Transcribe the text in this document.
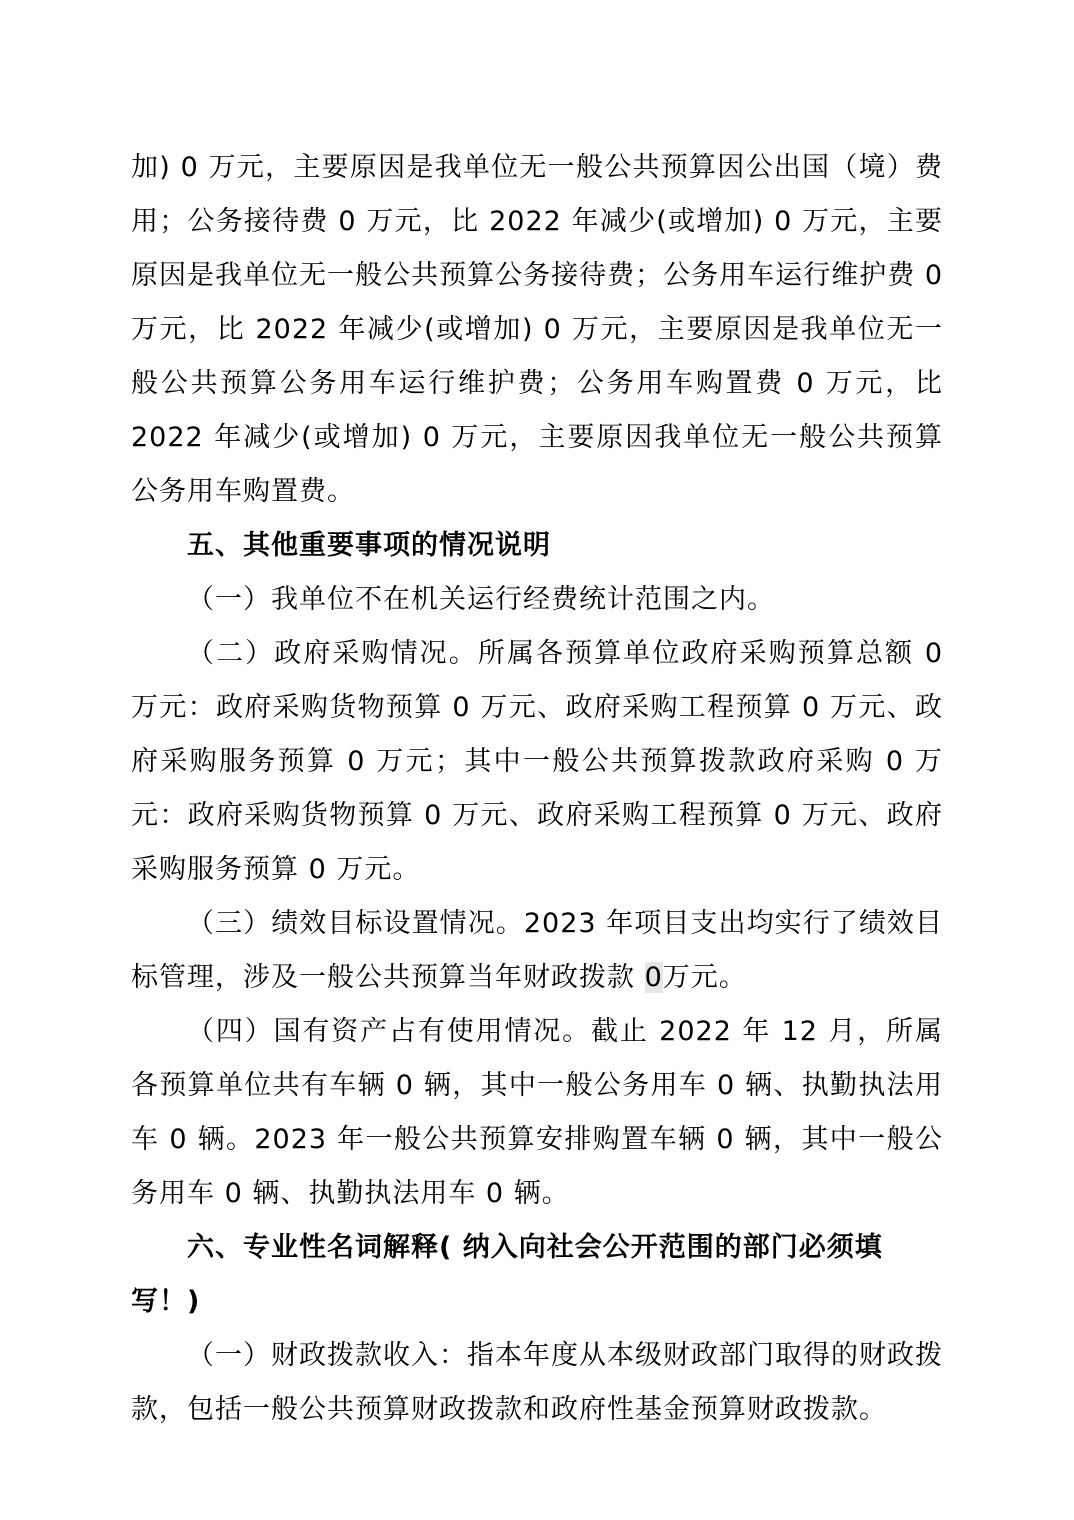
加) 0 万元，主要原因是我单位无一般公共预算因公出国（境）费用；公务接待费 0 万元，比 2022 年减少(或增加) 0 万元，主要原因是我单位无一般公共预算公务接待费；公务用车运行维护费 0 万元，比 2022 年减少(或增加) 0 万元，主要原因是我单位无一般公共预算公务用车运行维护费；公务用车购置费 0 万元，比 2022 年减少(或增加) 0 万元，主要原因我单位无一般公共预算公务用车购置费。

五、其他重要事项的情况说明

（一）我单位不在机关运行经费统计范围之内。

（二）政府采购情况。所属各预算单位政府采购预算总额 0 万元：政府采购货物预算 0 万元、政府采购工程预算 0 万元、政府采购服务预算 0 万元；其中一般公共预算拨款政府采购 0 万元：政府采购货物预算 0 万元、政府采购工程预算 0 万元、政府采购服务预算 0 万元。

（三）绩效目标设置情况。2023 年项目支出均实行了绩效目标管理，涉及一般公共预算当年财政拨款 0万元。

（四）国有资产占有使用情况。截止 2022 年 12 月，所属各预算单位共有车辆 0 辆，其中一般公务用车 0 辆、执勤执法用车 0 辆。2023 年一般公共预算安排购置车辆 0 辆，其中一般公务用车 0 辆、执勤执法用车 0 辆。

六、专业性名词解释( 纳入向社会公开范围的部门必须填写！)

（一）财政拨款收入：指本年度从本级财政部门取得的财政拨款，包括一般公共预算财政拨款和政府性基金预算财政拨款。
